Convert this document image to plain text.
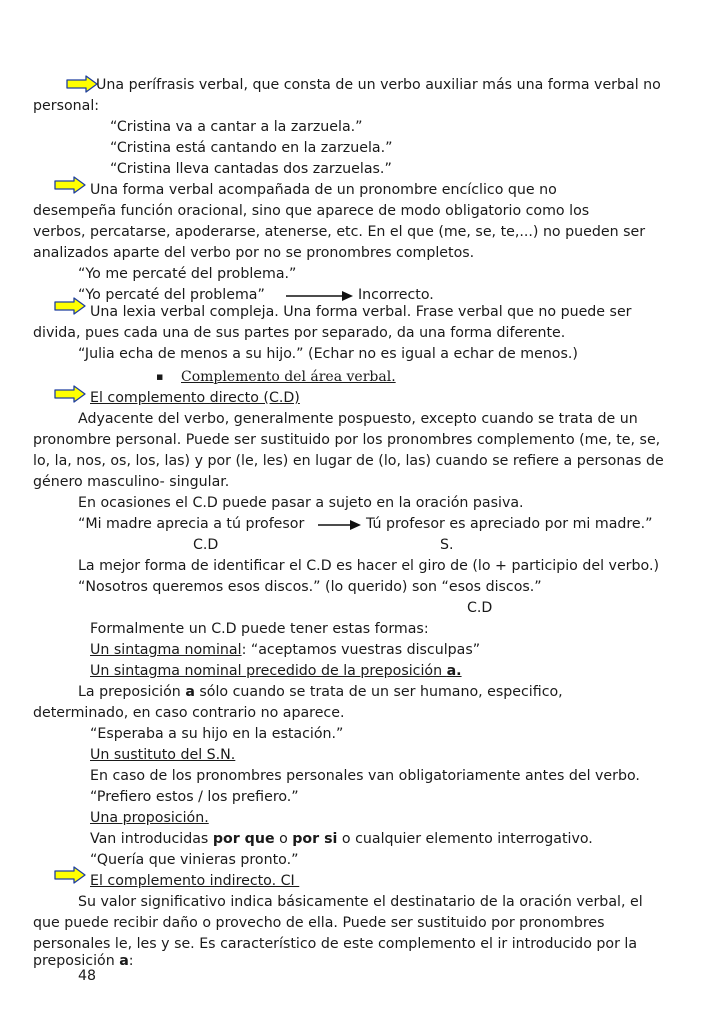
Una perífrasis verbal, que consta de un verbo auxiliar más una forma verbal no
personal:
“Cristina va a cantar a la zarzuela.”
“Cristina está cantando en la zarzuela.”
“Cristina lleva cantadas dos zarzuelas.”
Una forma verbal acompañada de un pronombre encíclico que no
desempeña función oracional, sino que aparece de modo obligatorio como los
verbos, percatarse, apoderarse, atenerse, etc. En el que (me, se, te,...) no pueden ser
analizados aparte del verbo por no se pronombres completos.
“Yo me percaté del problema.”
“Yo percaté del problema”	Incorrecto.
Una lexia verbal compleja. Una forma verbal. Frase verbal que no puede ser
divida, pues cada una de sus partes por separado, da una forma diferente.
“Julia echa de menos a su hijo.” (Echar no es igual a echar de menos.)
▪ Complemento del área verbal.
El complemento directo (C.D)
Adyacente del verbo, generalmente pospuesto, excepto cuando se trata de un
pronombre personal. Puede ser sustituido por los pronombres complemento (me, te, se,
lo, la, nos, os, los, las) y por (le, les) en lugar de (lo, las) cuando se refiere a personas de
género masculino- singular.
En ocasiones el C.D puede pasar a sujeto en la oración pasiva.
“Mi madre aprecia a tú profesor	Tú profesor es apreciado por mi madre.”
C.D	S.
La mejor forma de identificar el C.D es hacer el giro de (lo + participio del verbo.)
“Nosotros queremos esos discos.” (lo querido) son “esos discos.”
C.D
Formalmente un C.D puede tener estas formas:
Un sintagma nominal: “aceptamos vuestras disculpas”
Un sintagma nominal precedido de la preposición a.
La preposición a sólo cuando se trata de un ser humano, especifico,
determinado, en caso contrario no aparece.
“Esperaba a su hijo en la estación.”
Un sustituto del S.N.
En caso de los pronombres personales van obligatoriamente antes del verbo.
“Prefiero estos / los prefiero.”
Una proposición.
Van introducidas por que o por si o cualquier elemento interrogativo.
“Quería que vinieras pronto.”
El complemento indirecto. CI
Su valor significativo indica básicamente el destinatario de la oración verbal, el
que puede recibir daño o provecho de ella. Puede ser sustituido por pronombres
personales le, les y se. Es característico de este complemento el ir introducido por la
preposición a:
48
